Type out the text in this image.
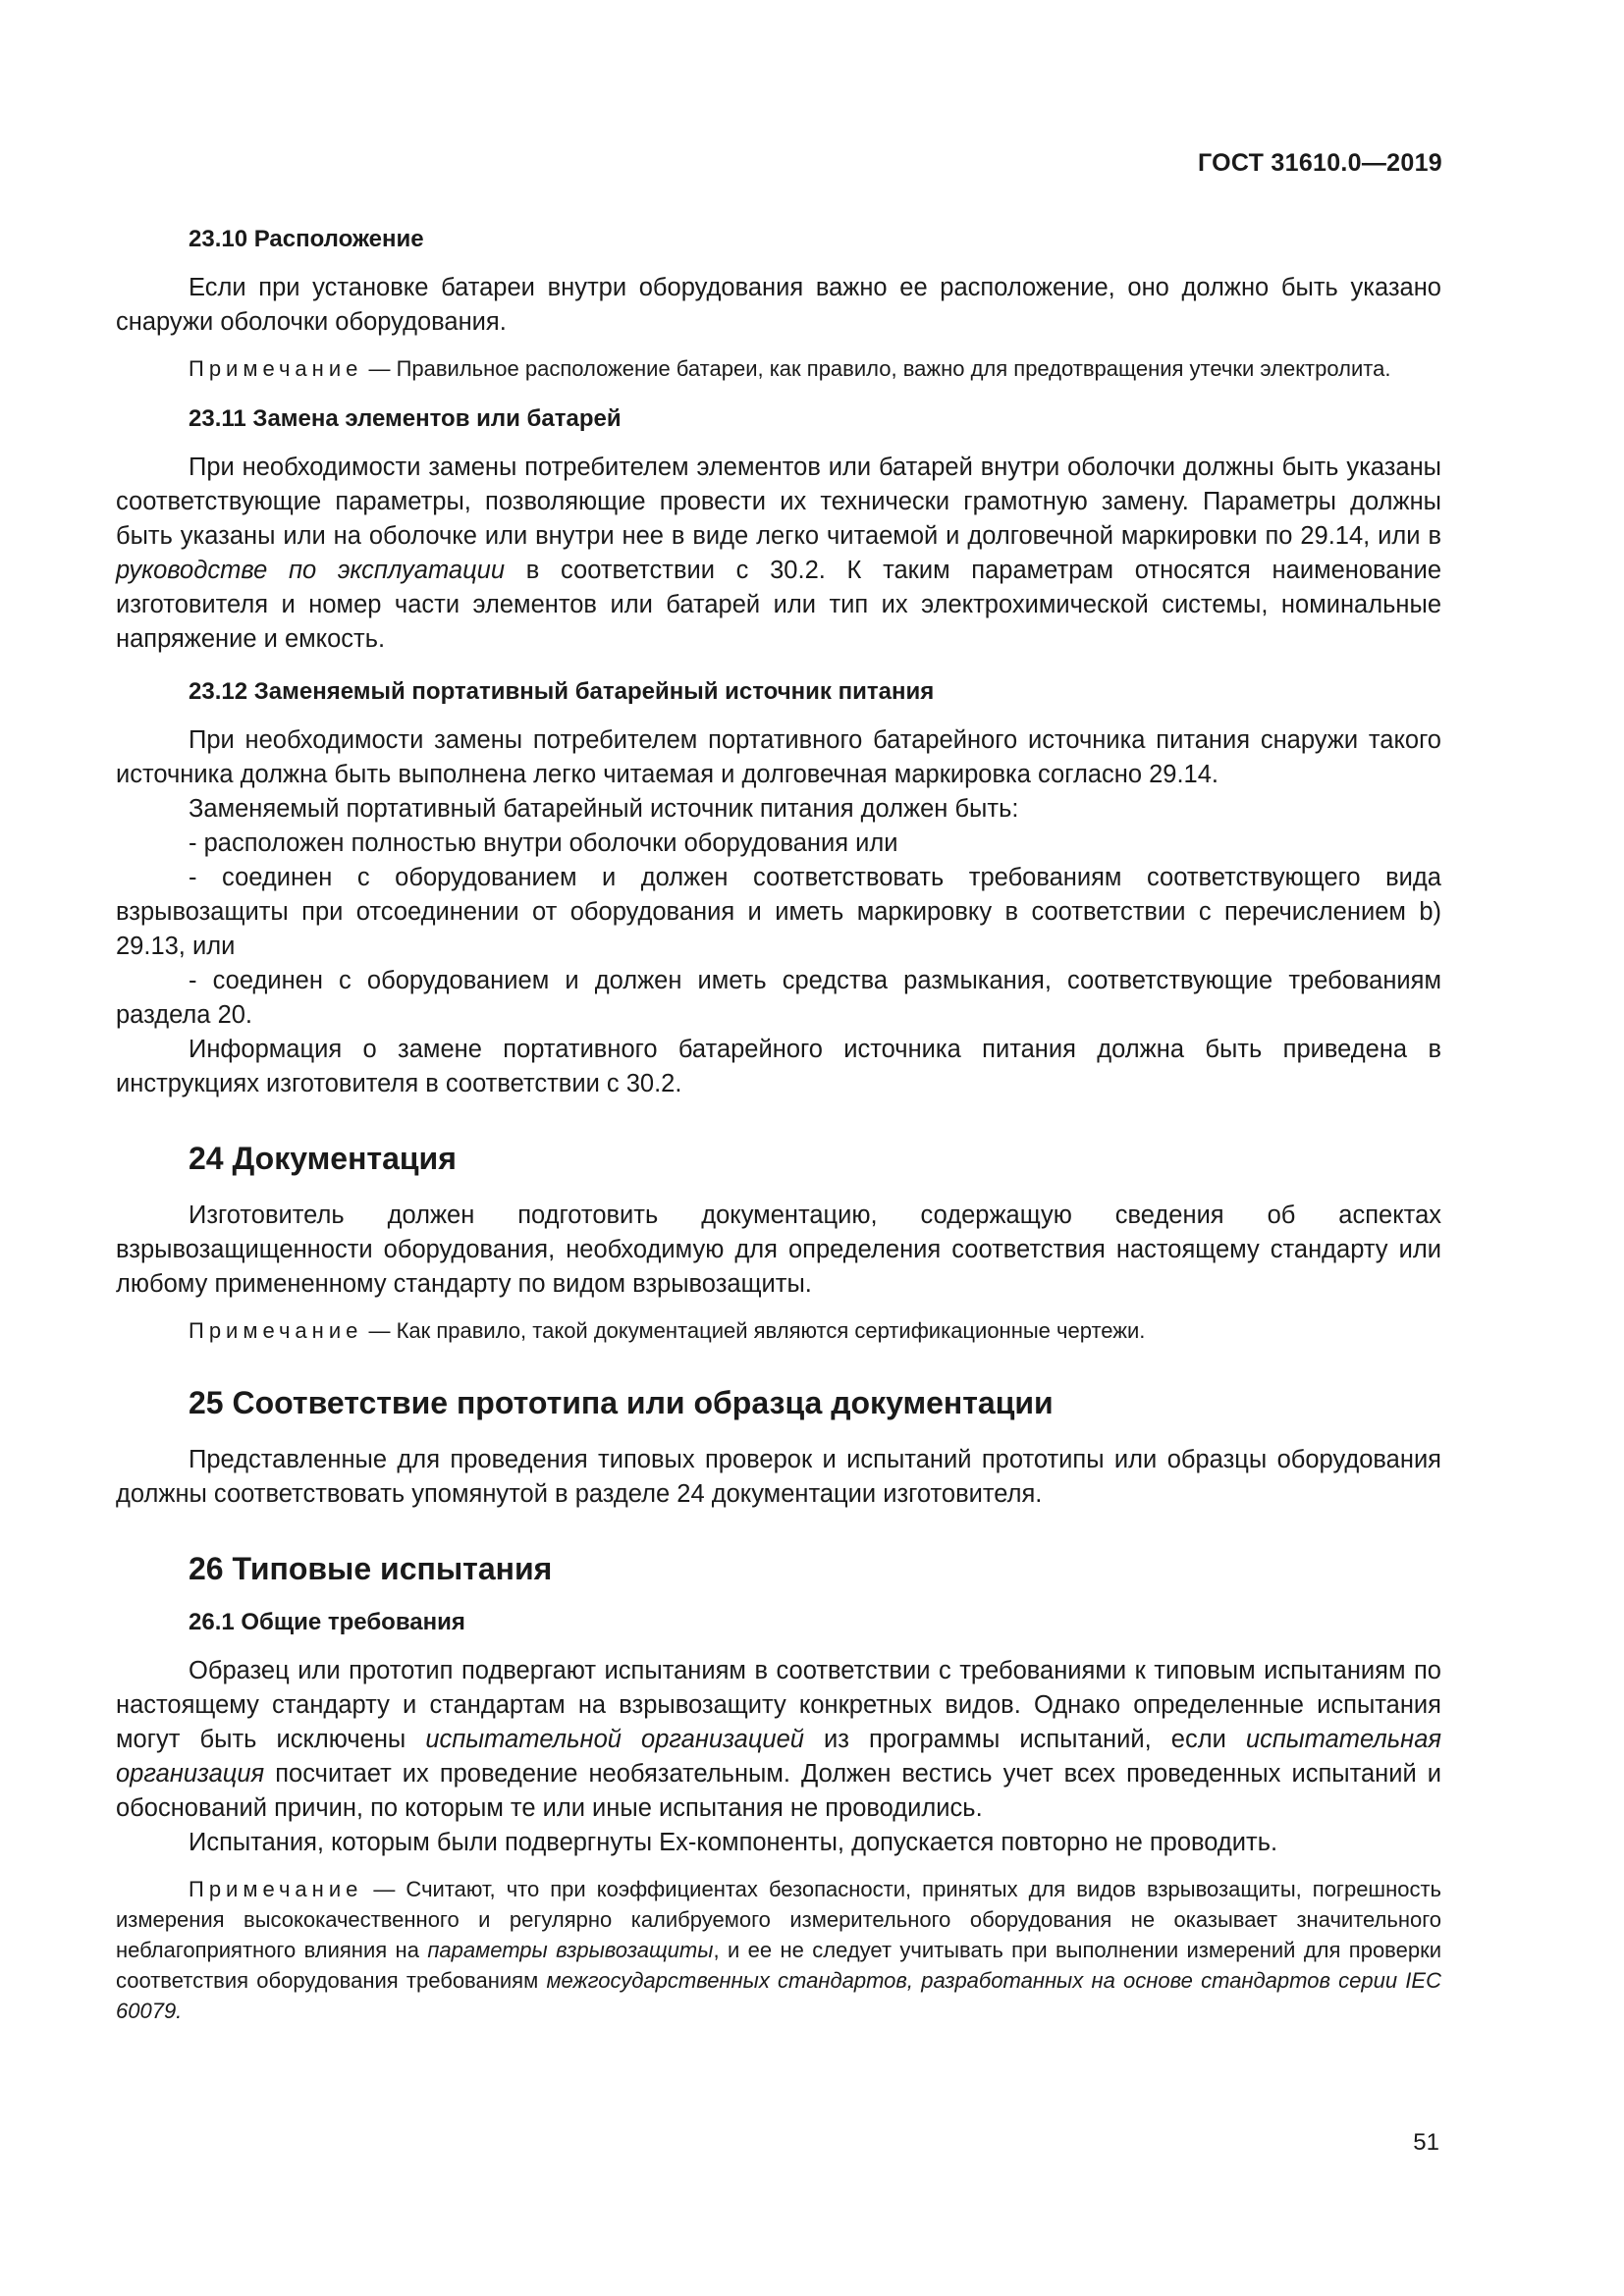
ГОСТ 31610.0—2019
23.10 Расположение

Если при установке батареи внутри оборудования важно ее расположение, оно должно быть указано снаружи оболочки оборудования.

Примечание — Правильное расположение батареи, как правило, важно для предотвращения утечки электролита.

23.11 Замена элементов или батарей

При необходимости замены потребителем элементов или батарей внутри оболочки должны быть указаны соответствующие параметры, позволяющие провести их технически грамотную замену. Параметры должны быть указаны или на оболочке или внутри нее в виде легко читаемой и долговечной маркировки по 29.14, или в руководстве по эксплуатации в соответствии с 30.2. К таким параметрам относятся наименование изготовителя и номер части элементов или батарей или тип их электрохимической системы, номинальные напряжение и емкость.

23.12 Заменяемый портативный батарейный источник питания

При необходимости замены потребителем портативного батарейного источника питания снаружи такого источника должна быть выполнена легко читаемая и долговечная маркировка согласно 29.14.

Заменяемый портативный батарейный источник питания должен быть:

- расположен полностью внутри оболочки оборудования или

- соединен с оборудованием и должен соответствовать требованиям соответствующего вида взрывозащиты при отсоединении от оборудования и иметь маркировку в соответствии с перечислением b) 29.13, или

- соединен с оборудованием и должен иметь средства размыкания, соответствующие требованиям раздела 20.

Информация о замене портативного батарейного источника питания должна быть приведена в инструкциях изготовителя в соответствии с 30.2.

24 Документация

Изготовитель должен подготовить документацию, содержащую сведения об аспектах взрывозащищенности оборудования, необходимую для определения соответствия настоящему стандарту или любому примененному стандарту по видом взрывозащиты.

Примечание — Как правило, такой документацией являются сертификационные чертежи.

25 Соответствие прототипа или образца документации

Представленные для проведения типовых проверок и испытаний прототипы или образцы оборудования должны соответствовать упомянутой в разделе 24 документации изготовителя.

26 Типовые испытания
26.1 Общие требования

Образец или прототип подвергают испытаниям в соответствии с требованиями к типовым испытаниям по настоящему стандарту и стандартам на взрывозащиту конкретных видов. Однако определенные испытания могут быть исключены испытательной организацией из программы испытаний, если испытательная организация посчитает их проведение необязательным. Должен вестись учет всех проведенных испытаний и обоснований причин, по которым те или иные испытания не проводились.

Испытания, которым были подвергнуты Ex-компоненты, допускается повторно не проводить.

Примечание — Считают, что при коэффициентах безопасности, принятых для видов взрывозащиты, погрешность измерения высококачественного и регулярно калибруемого измерительного оборудования не оказывает значительного неблагоприятного влияния на параметры взрывозащиты, и ее не следует учитывать при выполнении измерений для проверки соответствия оборудования требованиям межгосударственных стандартов, разработанных на основе стандартов серии IEC 60079.

51
